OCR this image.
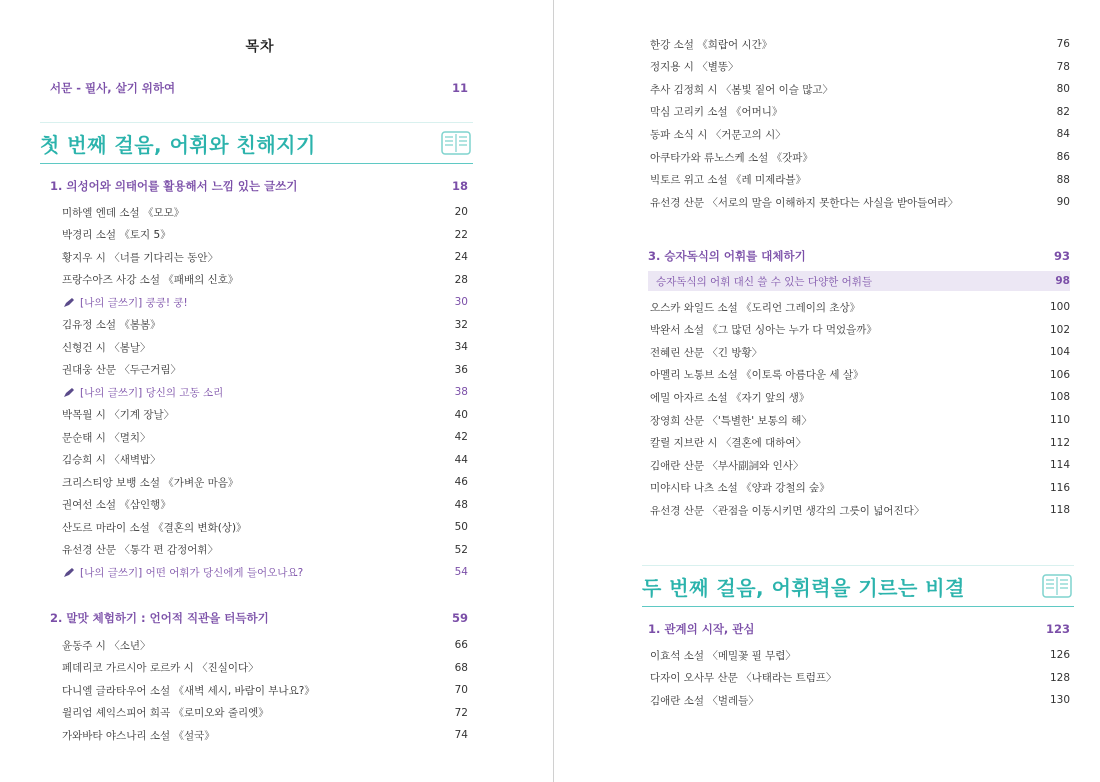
목차
서문 - 필사, 살기 위하여	11
첫 번째 걸음, 어휘와 친해지기
1. 의성어와 의태어를 활용해서 느낌 있는 글쓰기	18
미하엘 엔데 소설 《모모》	20
박경리 소설 《토지 5》	22
황지우 시 〈너를 기다리는 동안〉	24
프랑수아즈 사강 소설 《패배의 신호》	28
[나의 글쓰기] 쿵쿵! 쿵!	30
김유정 소설 《봄봄》	32
신형건 시 〈봄날〉	34
권대웅 산문 〈두근거림〉	36
[나의 글쓰기] 당신의 고동 소리	38
박목월 시 〈기계 장날〉	40
문순태 시 〈멸치〉	42
김승희 시 〈새벽밥〉	44
크리스티앙 보뱅 소설 《가벼운 마음》	46
권여선 소설 《삼인행》	48
산도르 마라이 소설 《결혼의 변화(상)》	50
유선경 산문 〈통각 편 감정어휘〉	52
[나의 글쓰기] 어떤 어휘가 당신에게 들어오나요?	54
2. 말맛 체험하기 : 언어적 직관을 터득하기	59
윤동주 시 〈소년〉	66
페데리코 가르시아 로르카 시 〈진실이다〉	68
다니엘 글라타우어 소설 《새벽 세시, 바람이 부나요?》	70
윌리엄 셰익스피어 희곡 《로미오와 줄리엣》	72
가와바타 야스나리 소설 《설국》	74
한강 소설 《희랍어 시간》	76
정지용 시 〈별똥〉	78
추사 김정희 시 〈봄빛 짙어 이슬 많고〉	80
막심 고리키 소설 《어머니》	82
동파 소식 시 〈거문고의 시〉	84
아쿠타가와 류노스케 소설 《갓파》	86
빅토르 위고 소설 《레 미제라블》	88
유선경 산문 〈서로의 말을 이해하지 못한다는 사실을 받아들여라〉	90
3. 승자독식의 어휘를 대체하기	93
승자독식의 어휘 대신 쓸 수 있는 다양한 어휘들	98
오스카 와일드 소설 《도리언 그레이의 초상》	100
박완서 소설 《그 많던 싱아는 누가 다 먹었을까》	102
전혜린 산문 〈긴 방황〉	104
아멜리 노통브 소설 《이토록 아름다운 세 살》	106
에밀 아자르 소설 《자기 앞의 생》	108
장영희 산문 〈'특별한' 보통의 해〉	110
칼릴 지브란 시 〈결혼에 대하여〉	112
김애란 산문 〈부사副詞와 인사〉	114
미야시타 나츠 소설 《양과 강철의 숲》	116
유선경 산문 〈관점을 이동시키면 생각의 그릇이 넓어진다〉	118
두 번째 걸음, 어휘력을 기르는 비결
1. 관계의 시작, 관심	123
이효석 소설 〈메밀꽃 필 무렵〉	126
다자이 오사무 산문 〈나태라는 트럼프〉	128
김애란 소설 〈벌레들〉	130
